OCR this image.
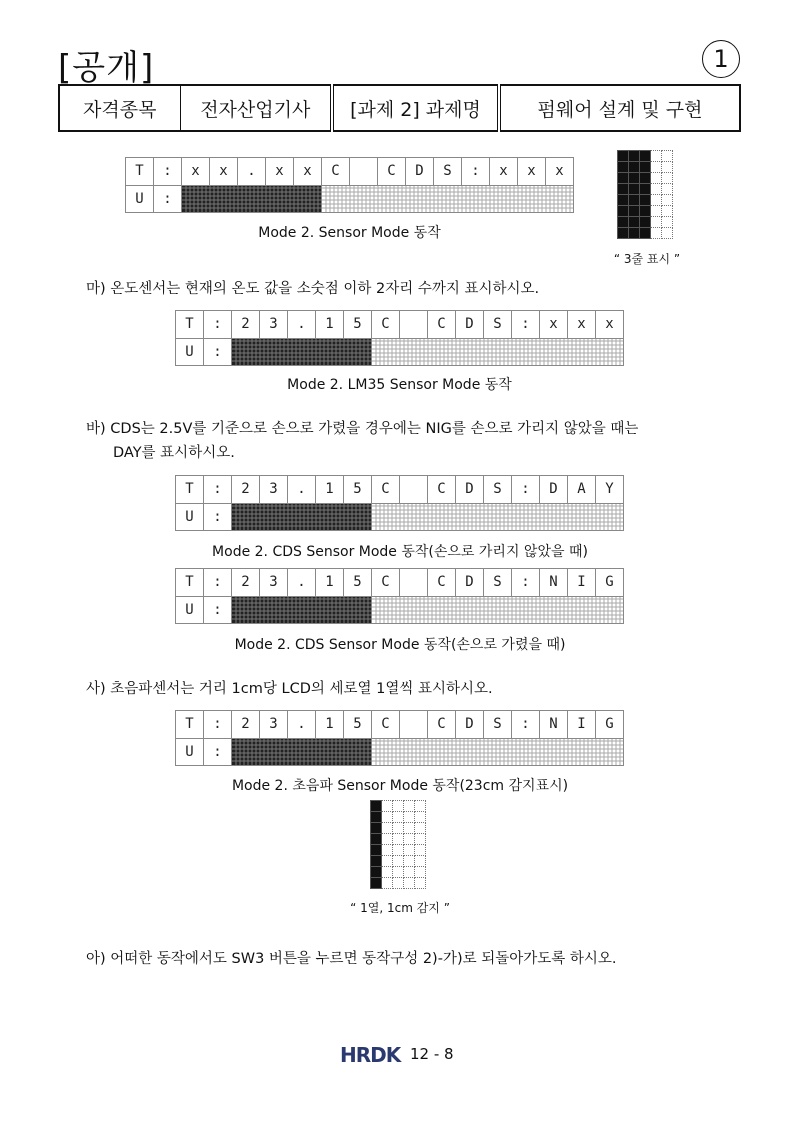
[공개]	1
자격종목	전자산업기사	[과제 2] 과제명	펌웨어 설계 및 구현
T	:	x	x	.	x	x	C		C	D	S	:	x	x	x
U	:														
Mode 2. Sensor Mode 동작

“ 3줄 표시 ”
마) 온도센서는 현재의 온도 값을 소숫점 이하 2자리 수까지 표시하시오.
T	:	2	3	.	1	5	C		C	D	S	:	x	x	x
U	:														
Mode 2. LM35 Sensor Mode 동작
바) CDS는 2.5V를 기준으로 손으로 가렸을 경우에는 NIG를 손으로 가리지 않았을 때는
DAY를 표시하시오.
T	:	2	3	.	1	5	C		C	D	S	:	D	A	Y
U	:														
Mode 2. CDS Sensor Mode 동작(손으로 가리지 않았을 때)
T	:	2	3	.	1	5	C		C	D	S	:	N	I	G
U	:														
Mode 2. CDS Sensor Mode 동작(손으로 가렸을 때)
사) 초음파센서는 거리 1cm당 LCD의 세로열 1열씩 표시하시오.
T	:	2	3	.	1	5	C		C	D	S	:	N	I	G
U	:														
Mode 2. 초음파 Sensor Mode 동작(23cm 감지표시)

“ 1열, 1cm 감지 ”
아) 어떠한 동작에서도 SW3 버튼을 누르면 동작구성 2)-가)로 되돌아가도록 하시오.
HRDK 12 - 8
